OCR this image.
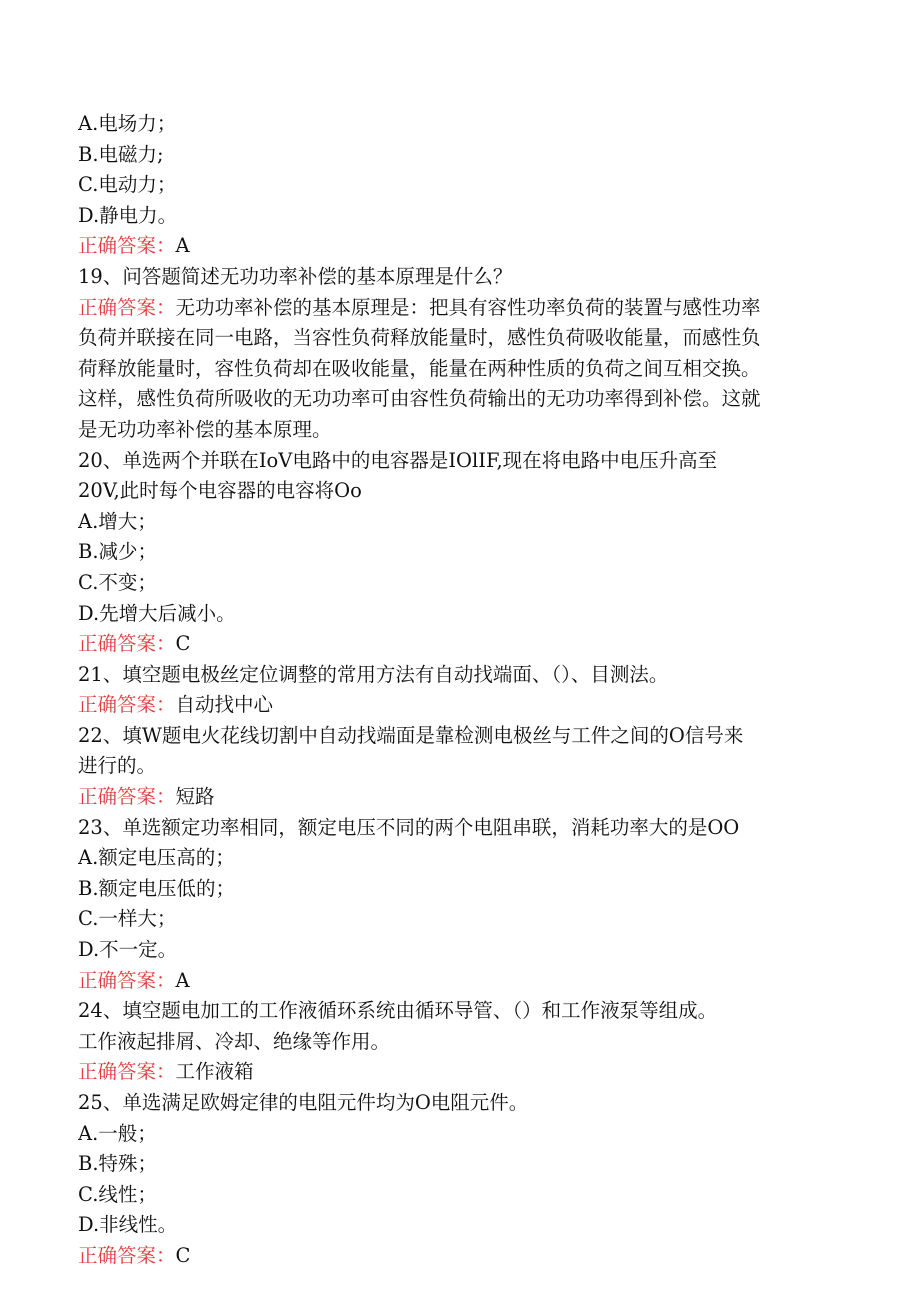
A.电场力；
B.电磁力;
C.电动力；
D.静电力。
正确答案：A
19、问答题简述无功功率补偿的基本原理是什么？
正确答案：无功功率补偿的基本原理是：把具有容性功率负荷的装置与感性功率
负荷并联接在同一电路，当容性负荷释放能量时，感性负荷吸收能量，而感性负
荷释放能量时，容性负荷却在吸收能量，能量在两种性质的负荷之间互相交换。
这样，感性负荷所吸收的无功功率可由容性负荷输出的无功功率得到补偿。这就
是无功功率补偿的基本原理。
20、单选两个并联在IoV电路中的电容器是IOlIF,现在将电路中电压升高至
20V,此时每个电容器的电容将Oo
A.增大；
B.减少；
C.不变；
D.先增大后减小。
正确答案：C
21、填空题电极丝定位调整的常用方法有自动找端面、（）、目测法。
正确答案：自动找中心
22、填W题电火花线切割中自动找端面是靠检测电极丝与工件之间的O信号来
进行的。
正确答案：短路
23、单选额定功率相同，额定电压不同的两个电阻串联，消耗功率大的是OO
A.额定电压高的；
B.额定电压低的；
C.一样大；
D.不一定。
正确答案：A
24、填空题电加工的工作液循环系统由循环导管、（）和工作液泵等组成。
工作液起排屑、冷却、绝缘等作用。
正确答案：工作液箱
25、单选满足欧姆定律的电阻元件均为O电阻元件。
A.一般；
B.特殊；
C.线性；
D.非线性。
正确答案：C
